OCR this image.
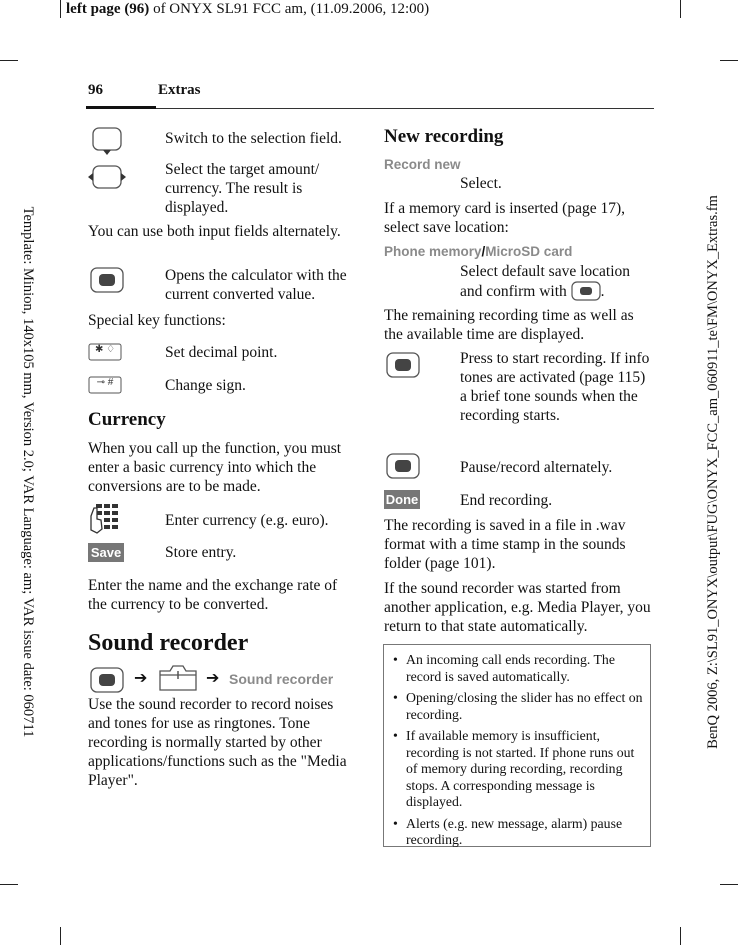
left page (96) of ONYX SL91 FCC am, (11.09.2006, 12:00)
Template: Minion, 140x105 mm, Version 2.0; VAR Language: am; VAR issue date: 060711	BenQ 2006, Z:\SL91_ONYX\output\FUG\ONYX_FCC_am_060911_te\FM\ONYX_Extras.fm
96	Extras
Switch to the selection field.
Select the target amount/ currency. The result is displayed.
You can use both input fields alternately.
Opens the calculator with the current converted value.
Special key functions:
✱ ♢	Set decimal point.
⊸ #	Change sign.
Currency
When you call up the function, you must enter a basic currency into which the conversions are to be made.
Enter currency (e.g. euro).
Save	Store entry.
Enter the name and the exchange rate of the currency to be converted.
Sound recorder
➔	➔ Sound recorder
Use the sound recorder to record noises and tones for use as ringtones. Tone recording is normally started by other applications/functions such as the "Media Player".
New recording
Record new
Select.
If a memory card is inserted (page 17), select save location:
Phone memory/MicroSD card
Select default save location and confirm with .
The remaining recording time as well as the available time are displayed.
Press to start recording. If info tones are activated (page 115) a brief tone sounds when the recording starts.
Pause/record alternately.
Done	End recording.
The recording is saved in a file in .wav format with a time stamp in the sounds folder (page 101).
If the sound recorder was started from another application, e.g. Media Player, you return to that state automatically.
• An incoming call ends recording. The record is saved automatically.
• Opening/closing the slider has no effect on recording.
• If available memory is insufficient, recording is not started. If phone runs out of memory during recording, recording stops. A corresponding message is displayed.
• Alerts (e.g. new message, alarm) pause recording.
